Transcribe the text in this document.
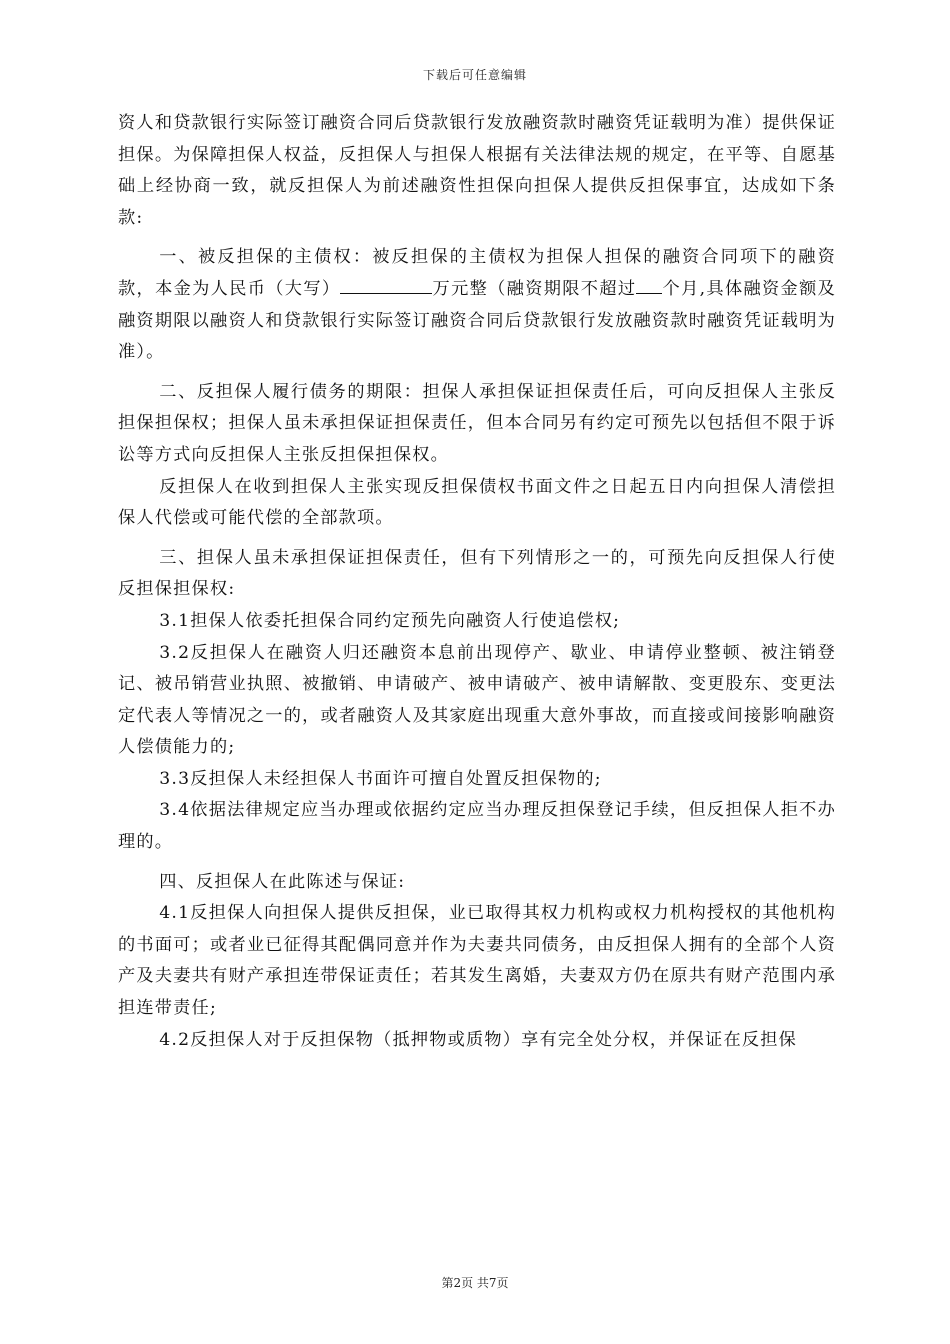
下载后可任意编辑

资人和贷款银行实际签订融资合同后贷款银行发放融资款时融资凭证载明为准）提供保证担保。为保障担保人权益，反担保人与担保人根据有关法律法规的规定，在平等、自愿基础上经协商一致，就反担保人为前述融资性担保向担保人提供反担保事宜，达成如下条款:

一、被反担保的主债权：被反担保的主债权为担保人担保的融资合同项下的融资款，本金为人民币（大写）	万元整（融资期限不超过 个月,具体融资金额及融资期限以融资人和贷款银行实际签订融资合同后贷款银行发放融资款时融资凭证载明为准）。

二、反担保人履行债务的期限：担保人承担保证担保责任后，可向反担保人主张反担保担保权；担保人虽未承担保证担保责任，但本合同另有约定可预先以包括但不限于诉讼等方式向反担保人主张反担保担保权。

反担保人在收到担保人主张实现反担保债权书面文件之日起五日内向担保人清偿担保人代偿或可能代偿的全部款项。

三、担保人虽未承担保证担保责任，但有下列情形之一的，可预先向反担保人行使反担保担保权:

3.1担保人依委托担保合同约定预先向融资人行使追偿权;

3.2反担保人在融资人归还融资本息前出现停产、歇业、申请停业整顿、被注销登记、被吊销营业执照、被撤销、申请破产、被申请破产、被申请解散、变更股东、变更法定代表人等情况之一的，或者融资人及其家庭出现重大意外事故，而直接或间接影响融资人偿债能力的;

3.3反担保人未经担保人书面许可擅自处置反担保物的;

3.4依据法律规定应当办理或依据约定应当办理反担保登记手续，但反担保人拒不办理的。

四、反担保人在此陈述与保证:

4.1反担保人向担保人提供反担保，业已取得其权力机构或权力机构授权的其他机构的书面可；或者业已征得其配偶同意并作为夫妻共同债务，由反担保人拥有的全部个人资产及夫妻共有财产承担连带保证责任；若其发生离婚，夫妻双方仍在原共有财产范围内承担连带责任;

4.2反担保人对于反担保物（抵押物或质物）享有完全处分权，并保证在反担保

第2页 共7页
